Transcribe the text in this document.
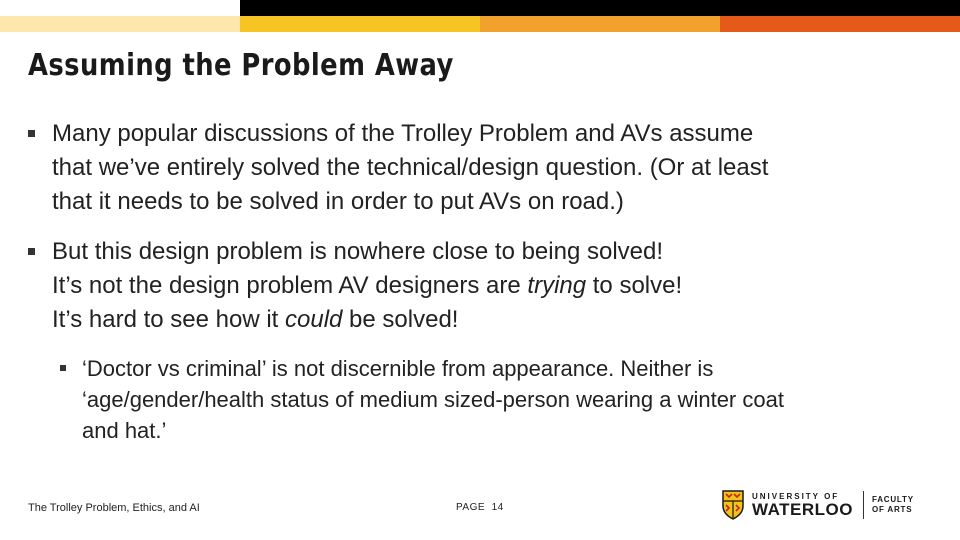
Assuming the Problem Away
Many popular discussions of the Trolley Problem and AVs assume
that we’ve entirely solved the technical/design question. (Or at least
that it needs to be solved in order to put AVs on road.)
But this design problem is nowhere close to being solved!
It’s not the design problem AV designers are trying to solve!
It’s hard to see how it could be solved!
‘Doctor vs criminal’ is not discernible from appearance. Neither is
‘age/gender/health status of medium sized-person wearing a winter coat
and hat.’
The Trolley Problem, Ethics, and AI	PAGE 14
UNIVERSITY OF
WATERLOO FACULTY
OF ARTS
